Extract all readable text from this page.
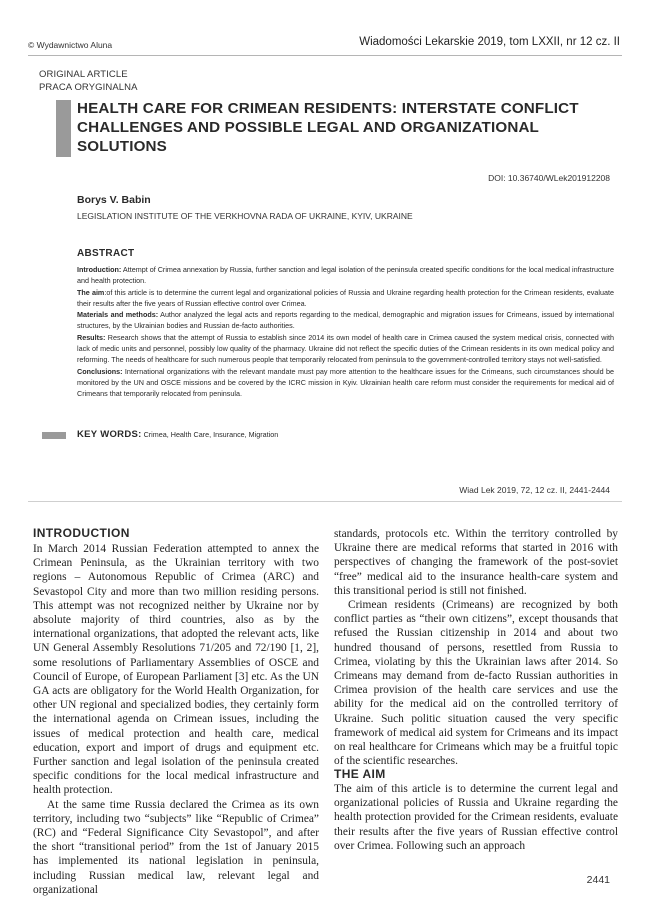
© Wydawnictwo Aluna	Wiadomości Lekarskie 2019, tom LXXII, nr 12 cz. II
ORIGINAL ARTICLE
PRACA ORYGINALNA
HEALTH CARE FOR CRIMEAN RESIDENTS: INTERSTATE CONFLICT CHALLENGES AND POSSIBLE LEGAL AND ORGANIZATIONAL SOLUTIONS
DOI: 10.36740/WLek201912208
Borys V. Babin
LEGISLATION INSTITUTE OF THE VERKHOVNA RADA OF UKRAINE, KYIV, UKRAINE
ABSTRACT

Introduction: Attempt of Crimea annexation by Russia, further sanction and legal isolation of the peninsula created specific conditions for the local medical infrastructure and health protection.

The aim:of this article is to determine the current legal and organizational policies of Russia and Ukraine regarding health protection for the Crimean residents, evaluate their results after the five years of Russian effective control over Crimea.

Materials and methods: Author analyzed the legal acts and reports regarding to the medical, demographic and migration issues for Crimeans, issued by international structures, by the Ukrainian bodies and Russian de-facto authorities.

Results: Research shows that the attempt of Russia to establish since 2014 its own model of health care in Crimea caused the system medical crisis, connected with lack of medic units and personnel, possibly low quality of the pharmacy. Ukraine did not reflect the specific duties of the Crimean residents in its own medical policy and reforming. The needs of healthcare for such numerous people that temporarily relocated from peninsula to the government-controlled territory stays not well-satisfied.

Conclusions: International organizations with the relevant mandate must pay more attention to the healthcare issues for the Crimeans, such circumstances should be monitored by the UN and OSCE missions and be covered by the ICRC mission in Kyiv. Ukrainian health care reform must consider the requirements for medical aid of Crimeans that temporarily relocated from peninsula.

KEY WORDS: Crimea, Health Care, Insurance, Migration
Wiad Lek 2019, 72, 12 cz. II, 2441-2444
INTRODUCTION

In March 2014 Russian Federation attempted to annex the Crimean Peninsula, as the Ukrainian territory with two regions – Autonomous Republic of Crimea (ARC) and Sevastopol City and more than two million residing persons. This attempt was not recognized neither by Ukraine nor by absolute majority of third countries, also as by the international organizations, that adopted the relevant acts, like UN General Assembly Resolutions 71/205 and 72/190 [1, 2], some resolutions of Parliamentary Assemblies of OSCE and Council of Europe, of European Parliament [3] etc. As the UN GA acts are obligatory for the World Health Organization, for other UN regional and specialized bodies, they certainly form the international agenda on Crimean issues, including the issues of medical protection and health care, medical education, export and import of drugs and equipment etc. Further sanction and legal isolation of the peninsula created specific conditions for the local medical infrastructure and health protection.

At the same time Russia declared the Crimea as its own territory, including two “subjects” like “Republic of Crimea” (RC) and “Federal Significance City Sevastopol”, and after the short “transitional period” from the 1st of January 2015 has implemented its national legislation in peninsula, including Russian medical law, relevant legal and organizational

standards, protocols etc. Within the territory controlled by Ukraine there are medical reforms that started in 2016 with perspectives of changing the framework of the post-soviet “free” medical aid to the insurance health-care system and this transitional period is still not finished.

Crimean residents (Crimeans) are recognized by both conflict parties as “their own citizens”, except thousands that refused the Russian citizenship in 2014 and about two hundred thousand of persons, resettled from Russia to Crimea, violating by this the Ukrainian laws after 2014. So Crimeans may demand from de-facto Russian authorities in Crimea provision of the health care services and use the ability for the medical aid on the controlled territory of Ukraine. Such politic situation caused the very specific framework of medical aid system for Crimeans and its impact on real healthcare for Crimeans which may be a fruitful topic of the scientific researches.

THE AIM

The aim of this article is to determine the current legal and organizational policies of Russia and Ukraine regarding the health protection provided for the Crimean residents, evaluate their results after the five years of Russian effective control over Crimea. Following such an approach

2441
